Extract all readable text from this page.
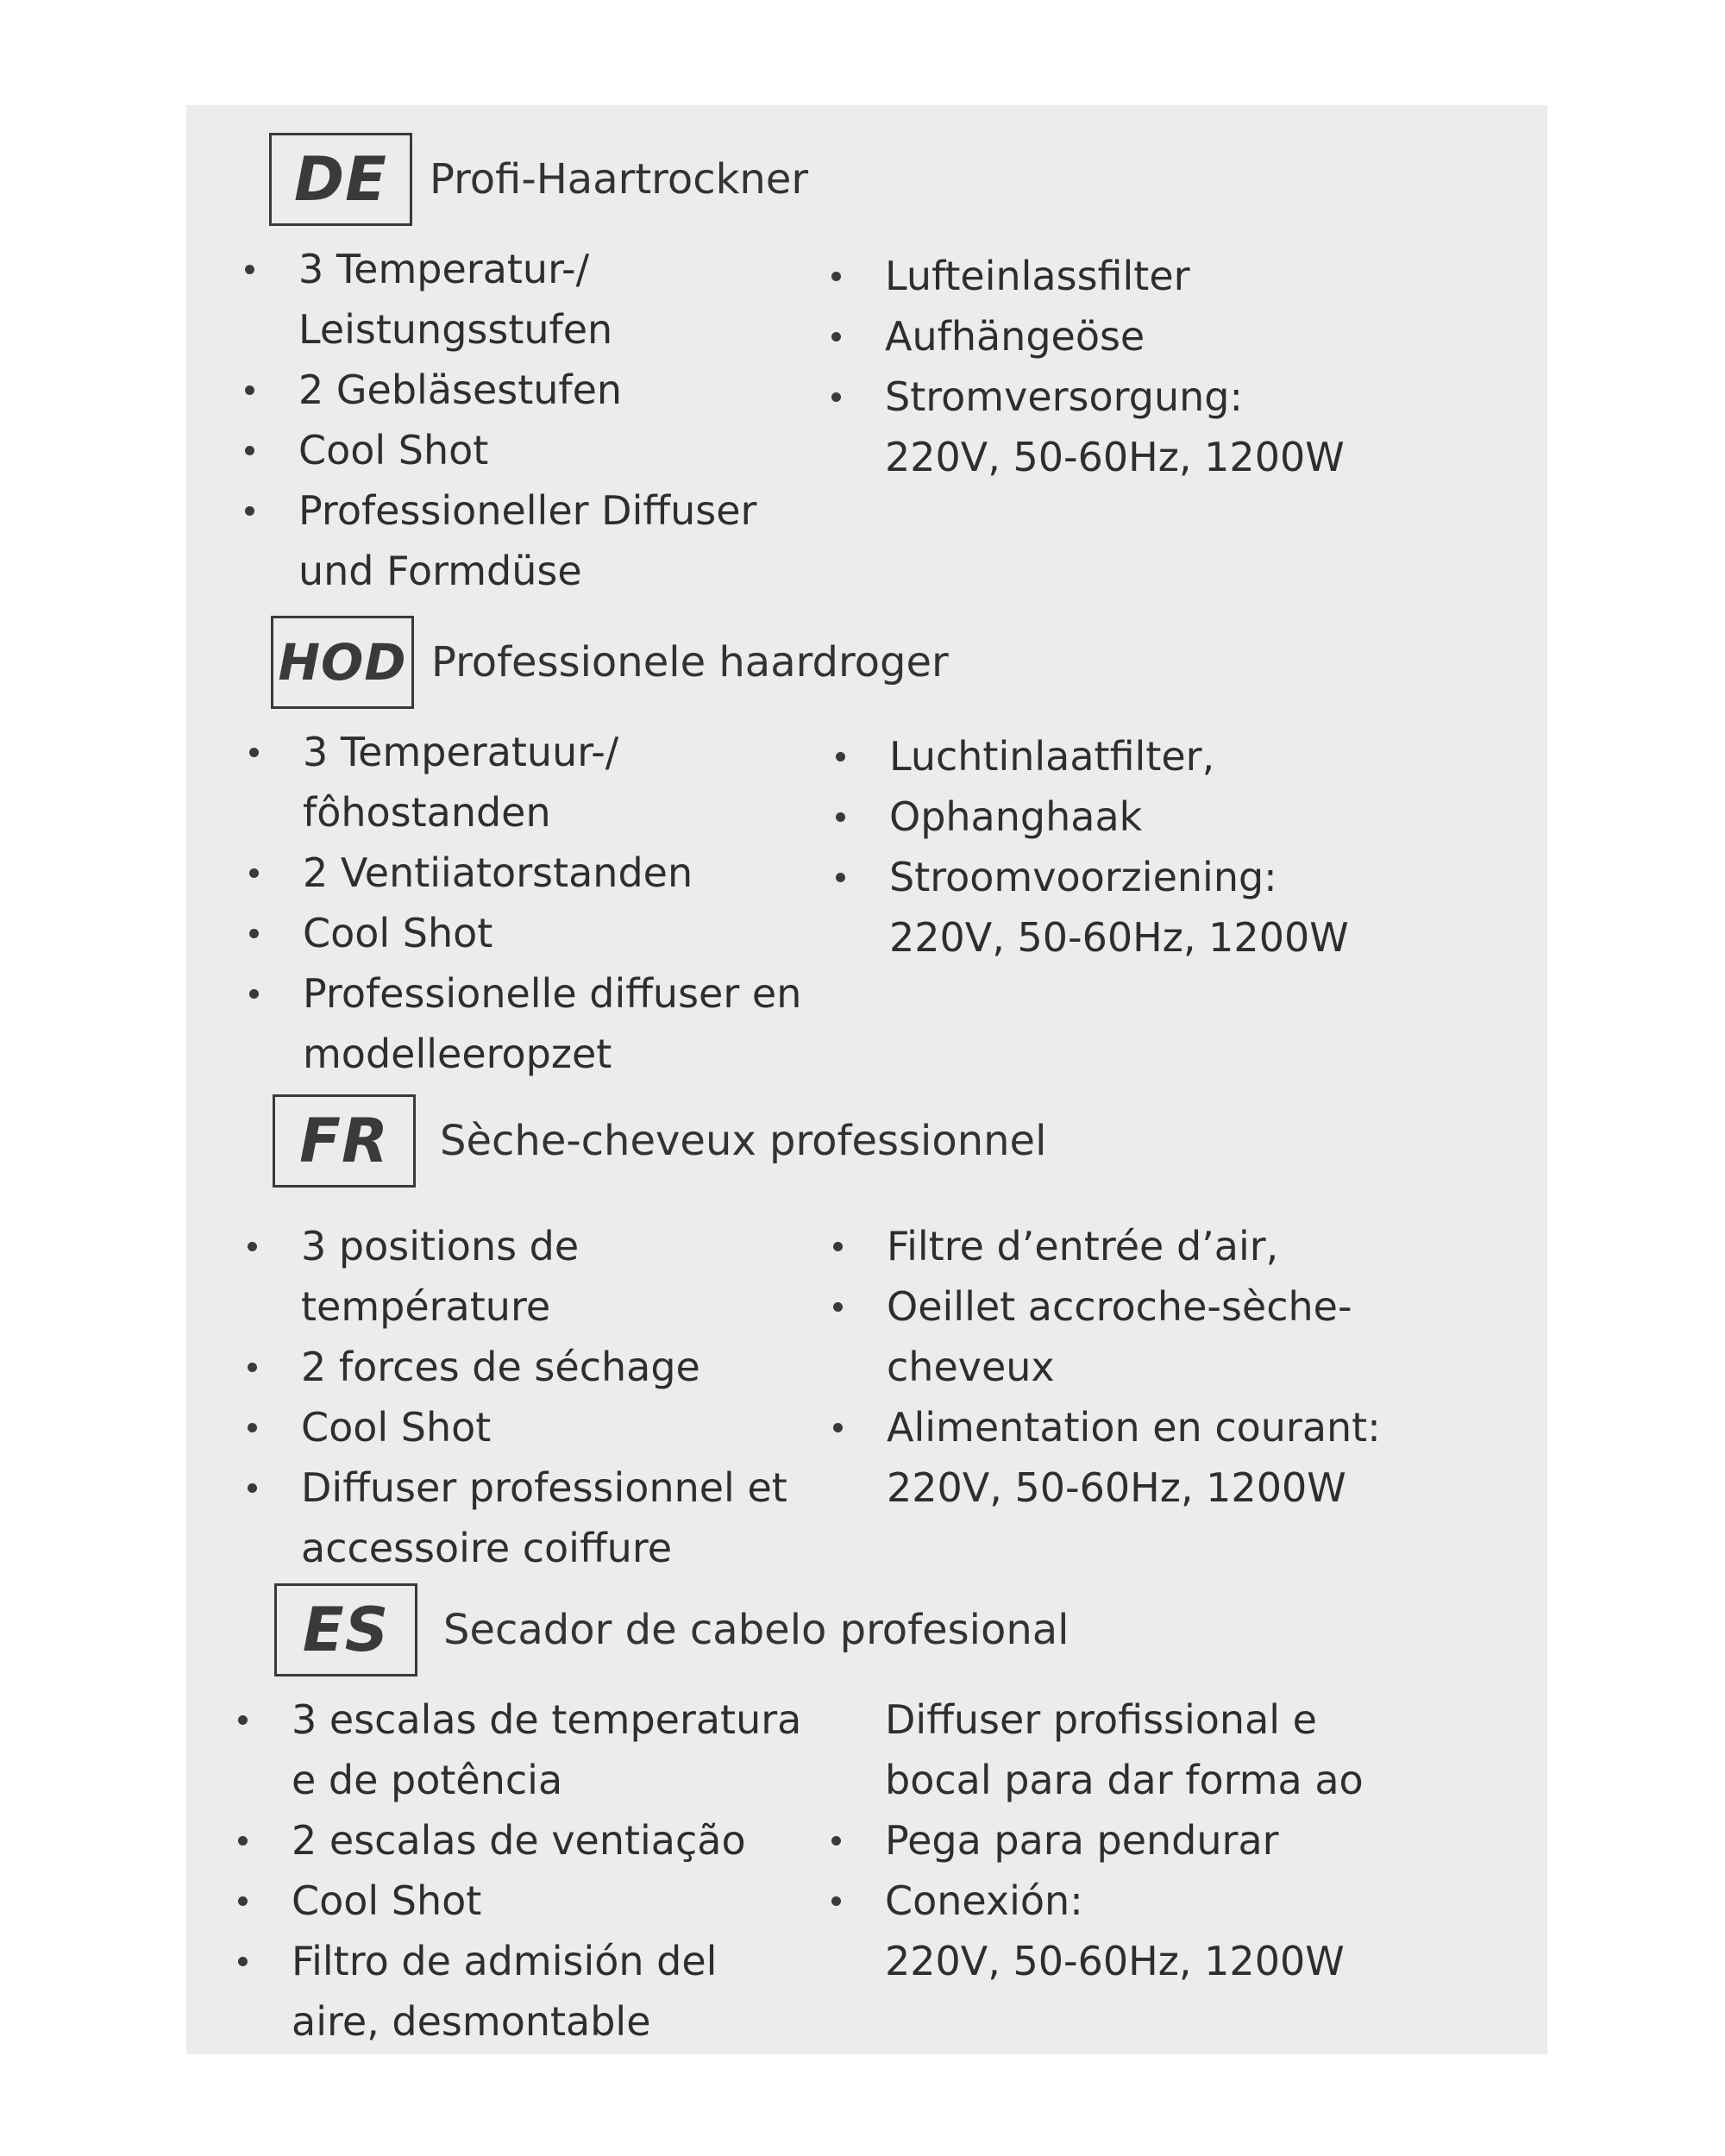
DE	Profi-Haartrockner
3 Temperatur-/
Leistungsstufen
2 Gebläsestufen
Cool Shot
Professioneller Diffuser
und Formdüse
Lufteinlassfilter
Aufhängeöse
Stromversorgung:
220V, 50-60Hz, 1200W
HOD Professionele haardroger
3 Temperatuur-/
fôhostanden
2 Ventiiatorstanden
Cool Shot
Professionelle diffuser en
modelleeropzet
Luchtinlaatfilter,
Ophanghaak
Stroomvoorziening:
220V, 50-60Hz, 1200W
FR	Sèche-cheveux professionnel
3 positions de
température
2 forces de séchage
Cool Shot
Diffuser professionnel et
accessoire coiffure
Filtre d’entrée d’air,
Oeillet accroche-sèche-
cheveux
Alimentation en courant:
220V, 50-60Hz, 1200W
ES	Secador de cabelo profesional
3 escalas de temperatura
e de potência
2 escalas de ventiação
Cool Shot
Filtro de admisión del
aire, desmontable
Diffuser profissional e
bocal para dar forma ao
Pega para pendurar
Conexión:
220V, 50-60Hz, 1200W
